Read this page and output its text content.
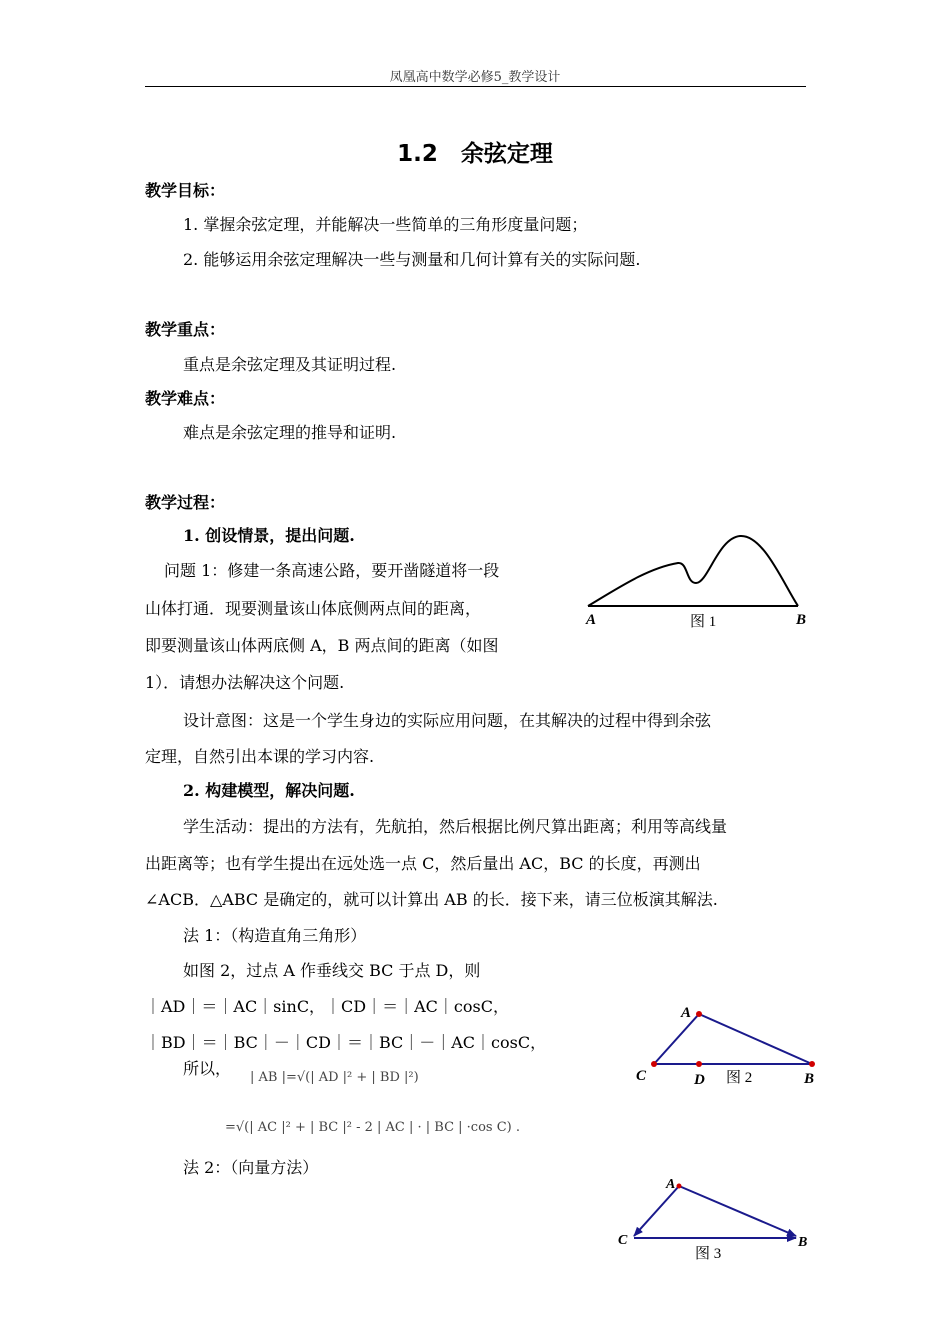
凤凰高中数学必修5_教学设计
1.2　余弦定理
教学目标：
1. 掌握余弦定理，并能解决一些简单的三角形度量问题；
2. 能够运用余弦定理解决一些与测量和几何计算有关的实际问题.
教学重点：
重点是余弦定理及其证明过程.
教学难点：
难点是余弦定理的推导和证明.
教学过程：
1. 创设情景，提出问题.
问题 1：修建一条高速公路，要开凿隧道将一段
山体打通．现要测量该山体底侧两点间的距离，
即要测量该山体两底侧 A，B 两点间的距离（如图
1）．请想办法解决这个问题.
A	图 1	B
设计意图：这是一个学生身边的实际应用问题，在其解决的过程中得到余弦
定理，自然引出本课的学习内容.
2. 构建模型，解决问题.
学生活动：提出的方法有，先航拍，然后根据比例尺算出距离；利用等高线量
出距离等；也有学生提出在远处选一点 C，然后量出 AC，BC 的长度，再测出
∠ACB．△ABC 是确定的，就可以计算出 AB 的长．接下来，请三位板演其解法.
法 1：（构造直角三角形）
如图 2，过点 A 作垂线交 BC 于点 D，则
｜AD｜＝｜AC｜sinC，｜CD｜＝｜AC｜cosC，
｜BD｜＝｜BC｜－｜CD｜＝｜BC｜－｜AC｜cosC，
所以， | AB |=√(| AD |² + | BD |²)
=√(| AC |² + | BC |² - 2 | AC | · | BC | ·cos C) .
A
C	D 图 2	B
法 2：（向量方法）
A
C
图 3
B
